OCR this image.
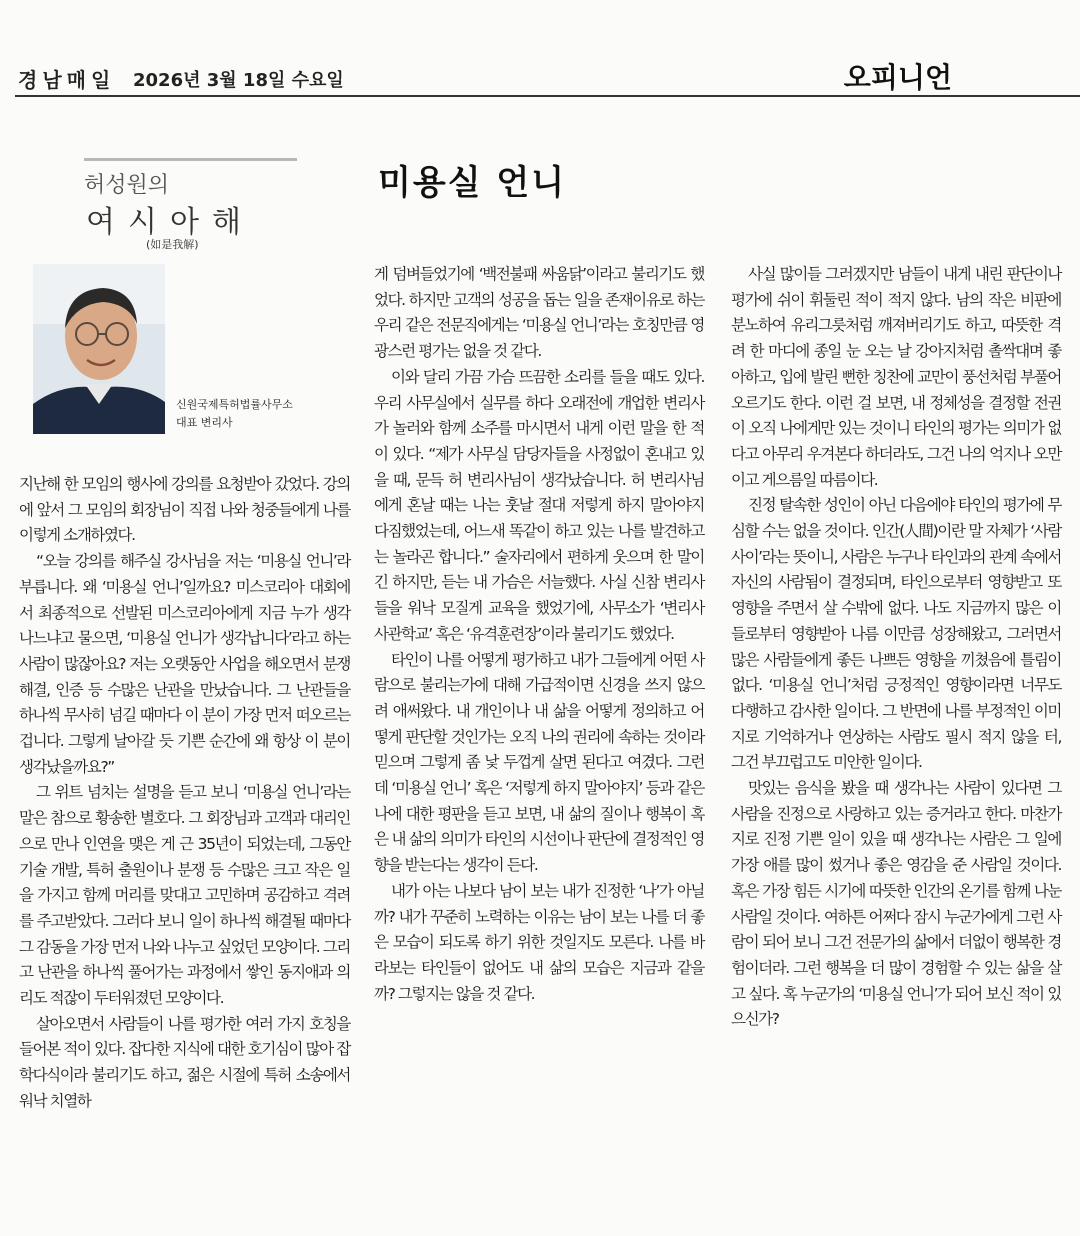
경남매일 2026년 3월 18일 수요일	오피니언
허성원의
여시아해
(如是我解)
신원국제특허법률사무소
대표 변리사
미용실 언니

지난해 한 모임의 행사에 강의를 요청받아 갔었다. 강의에 앞서 그 모임의 회장님이 직접 나와 청중들에게 나를 이렇게 소개하였다.

“오늘 강의를 해주실 강사님을 저는 ‘미용실 언니’라 부릅니다. 왜 ‘미용실 언니’일까요? 미스코리아 대회에서 최종적으로 선발된 미스코리아에게 지금 누가 생각나느냐고 물으면, ‘미용실 언니가 생각납니다’라고 하는 사람이 많잖아요? 저는 오랫동안 사업을 해오면서 분쟁 해결, 인증 등 수많은 난관을 만났습니다. 그 난관들을 하나씩 무사히 넘길 때마다 이 분이 가장 먼저 떠오르는 겁니다. 그렇게 날아갈 듯 기쁜 순간에 왜 항상 이 분이 생각났을까요?”

그 위트 넘치는 설명을 듣고 보니 ‘미용실 언니’라는 말은 참으로 황송한 별호다. 그 회장님과 고객과 대리인으로 만나 인연을 맺은 게 근 35년이 되었는데, 그동안 기술 개발, 특허 출원이나 분쟁 등 수많은 크고 작은 일을 가지고 함께 머리를 맞대고 고민하며 공감하고 격려를 주고받았다. 그러다 보니 일이 하나씩 해결될 때마다 그 감동을 가장 먼저 나와 나누고 싶었던 모양이다. 그리고 난관을 하나씩 풀어가는 과정에서 쌓인 동지애과 의리도 적잖이 두터워졌던 모양이다.

살아오면서 사람들이 나를 평가한 여러 가지 호칭을 들어본 적이 있다. 잡다한 지식에 대한 호기심이 많아 잡학다식이라 불리기도 하고, 젊은 시절에 특허 소송에서 워낙 치열하

게 덤벼들었기에 ‘백전불패 싸움닭’이라고 불리기도 했었다. 하지만 고객의 성공을 돕는 일을 존재이유로 하는 우리 같은 전문직에게는 ‘미용실 언니’라는 호칭만큼 영광스런 평가는 없을 것 같다.

이와 달리 가끔 가슴 뜨끔한 소리를 들을 때도 있다. 우리 사무실에서 실무를 하다 오래전에 개업한 변리사가 놀러와 함께 소주를 마시면서 내게 이런 말을 한 적이 있다. “제가 사무실 담당자들을 사정없이 혼내고 있을 때, 문득 허 변리사님이 생각났습니다. 허 변리사님에게 혼날 때는 나는 훗날 절대 저렇게 하지 말아야지 다짐했었는데, 어느새 똑같이 하고 있는 나를 발견하고는 놀라곤 합니다.” 술자리에서 편하게 웃으며 한 말이긴 하지만, 듣는 내 가슴은 서늘했다. 사실 신참 변리사들을 워낙 모질게 교육을 했었기에, 사무소가 ‘변리사 사관학교’ 혹은 ‘유격훈련장’이라 불리기도 했었다.

타인이 나를 어떻게 평가하고 내가 그들에게 어떤 사람으로 불리는가에 대해 가급적이면 신경을 쓰지 않으려 애써왔다. 내 개인이나 내 삶을 어떻게 정의하고 어떻게 판단할 것인가는 오직 나의 권리에 속하는 것이라 믿으며 그렇게 좀 낯 두껍게 살면 된다고 여겼다. 그런데 ‘미용실 언니’ 혹은 ‘저렇게 하지 말아야지’ 등과 같은 나에 대한 평판을 듣고 보면, 내 삶의 질이나 행복이 혹은 내 삶의 의미가 타인의 시선이나 판단에 결정적인 영향을 받는다는 생각이 든다.

내가 아는 나보다 남이 보는 내가 진정한 ‘나’가 아닐까? 내가 꾸준히 노력하는 이유는 남이 보는 나를 더 좋은 모습이 되도록 하기 위한 것일지도 모른다. 나를 바라보는 타인들이 없어도 내 삶의 모습은 지금과 같을까? 그렇지는 않을 것 같다.

사실 많이들 그러겠지만 남들이 내게 내린 판단이나 평가에 쉬이 휘둘린 적이 적지 않다. 남의 작은 비판에 분노하여 유리그릇처럼 깨져버리기도 하고, 따뜻한 격려 한 마디에 종일 눈 오는 날 강아지처럼 촐싹대며 좋아하고, 입에 발린 뻔한 칭찬에 교만이 풍선처럼 부풀어 오르기도 한다. 이런 걸 보면, 내 정체성을 결정할 전권이 오직 나에게만 있는 것이니 타인의 평가는 의미가 없다고 아무리 우겨본다 하더라도, 그건 나의 억지나 오만이고 게으름일 따름이다.

진정 탈속한 성인이 아닌 다음에야 타인의 평가에 무심할 수는 없을 것이다. 인간(人間)이란 말 자체가 ‘사람 사이’라는 뜻이니, 사람은 누구나 타인과의 관계 속에서 자신의 사람됨이 결정되며, 타인으로부터 영향받고 또 영향을 주면서 살 수밖에 없다. 나도 지금까지 많은 이들로부터 영향받아 나름 이만큼 성장해왔고, 그러면서 많은 사람들에게 좋든 나쁘든 영향을 끼쳤음에 틀림이 없다. ‘미용실 언니’처럼 긍정적인 영향이라면 너무도 다행하고 감사한 일이다. 그 반면에 나를 부정적인 이미지로 기억하거나 연상하는 사람도 필시 적지 않을 터, 그건 부끄럽고도 미안한 일이다.

맛있는 음식을 봤을 때 생각나는 사람이 있다면 그 사람을 진정으로 사랑하고 있는 증거라고 한다. 마찬가지로 진정 기쁜 일이 있을 때 생각나는 사람은 그 일에 가장 애를 많이 썼거나 좋은 영감을 준 사람일 것이다. 혹은 가장 힘든 시기에 따뜻한 인간의 온기를 함께 나눈 사람일 것이다. 여하튼 어쩌다 잠시 누군가에게 그런 사람이 되어 보니 그건 전문가의 삶에서 더없이 행복한 경험이더라. 그런 행복을 더 많이 경험할 수 있는 삶을 살고 싶다. 혹 누군가의 ‘미용실 언니’가 되어 보신 적이 있으신가?
